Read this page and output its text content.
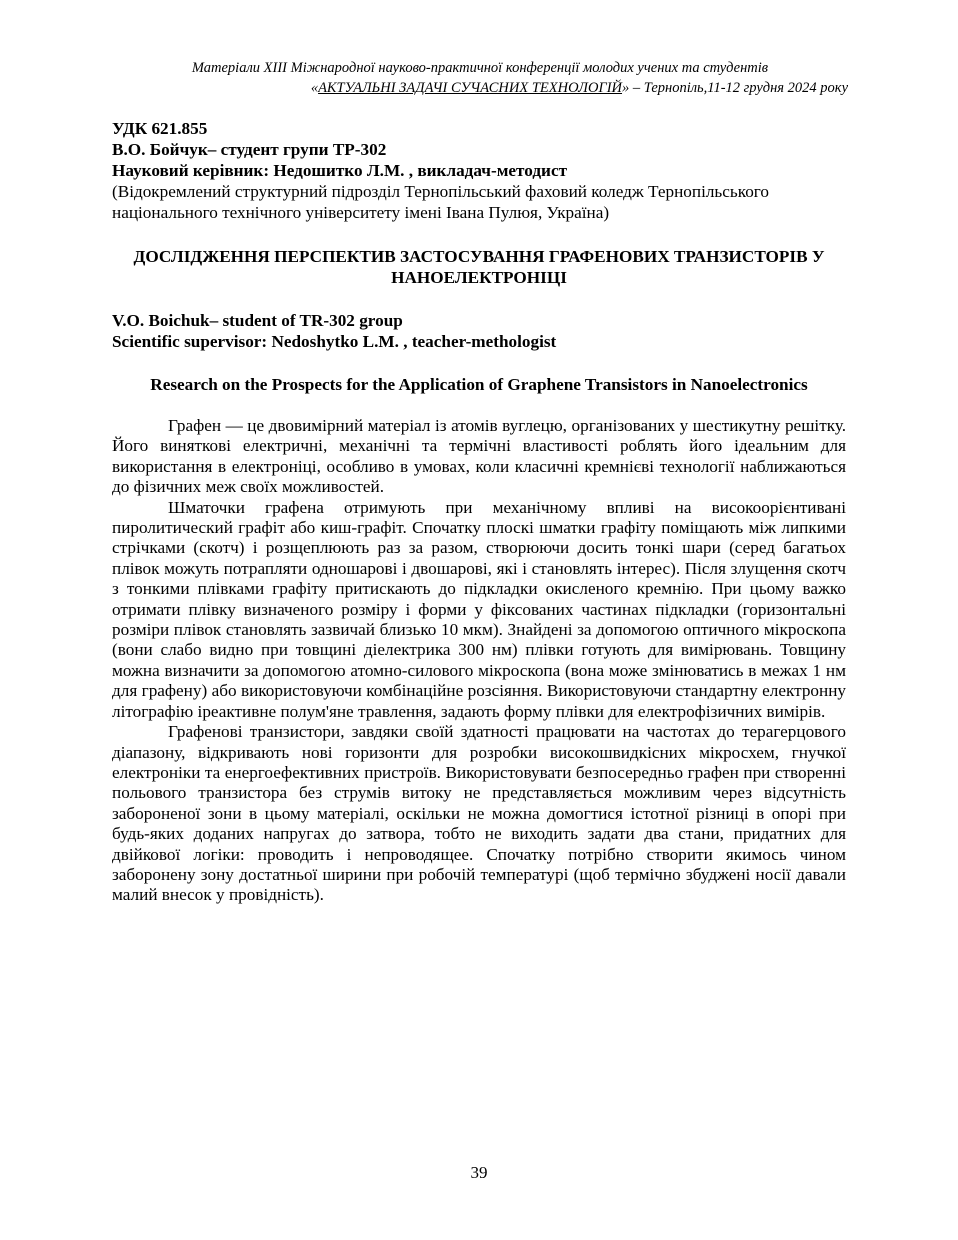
Матеріали XIII Міжнародної науково-практичної конференції молодих учених та студентів
«АКТУАЛЬНІ ЗАДАЧІ СУЧАСНИХ ТЕХНОЛОГІЙ» – Тернопіль,11-12 грудня 2024 року
УДК 621.855
В.О. Бойчук– студент групи ТР-302
Науковий керівник: Недошитко Л.М. , викладач-методист
(Відокремлений структурний підрозділ Тернопільський фаховий коледж Тернопільського національного технічного університету імені Івана Пулюя, Україна)
ДОСЛІДЖЕННЯ ПЕРСПЕКТИВ ЗАСТОСУВАННЯ ГРАФЕНОВИХ ТРАНЗИСТОРІВ У НАНОЕЛЕКТРОНІЦІ
V.O. Boichuk– student of TR-302 group
Scientific supervisor: Nedoshytko L.M. , teacher-methologist
Research on the Prospects for the Application of Graphene Transistors in Nanoelectronics

Графен — це двовимірний матеріал із атомів вуглецю, організованих у шестикутну решітку. Його виняткові електричні, механічні та термічні властивості роблять його ідеальним для використання в електроніці, особливо в умовах, коли класичні кремнієві технології наближаються до фізичних меж своїх можливостей.

Шматочки графена отримують при механічному впливі на високоорієнтивані пиролитический графіт або киш-графіт. Спочатку плоскі шматки графіту поміщають між липкими стрічками (скотч) і розщеплюють раз за разом, створюючи досить тонкі шари (серед багатьох плівок можуть потрапляти одношарові і двошарові, які і становлять інтерес). Після злущення скотч з тонкими плівками графіту притискають до підкладки окисленого кремнію. При цьому важко отримати плівку визначеного розміру і форми у фіксованих частинах підкладки (горизонтальні розміри плівок становлять зазвичай близько 10 мкм). Знайдені за допомогою оптичного мікроскопа (вони слабо видно при товщині діелектрика 300 нм) плівки готують для вимірювань. Товщину можна визначити за допомогою атомно-силового мікроскопа (вона може змінюватись в межах 1 нм для графену) або використовуючи комбінаційне розсіяння. Використовуючи стандартну електронну літографію іреактивне полум'яне травлення, задають форму плівки для електрофізичних вимірів.

Графенові транзистори, завдяки своїй здатності працювати на частотах до терагерцового діапазону, відкривають нові горизонти для розробки високошвидкісних мікросхем, гнучкої електроніки та енергоефективних пристроїв. Використовувати безпосередньо графен при створенні польового транзистора без струмів витоку не представляється можливим через відсутність забороненої зони в цьому матеріалі, оскільки не можна домогтися істотної різниці в опорі при будь-яких доданих напругах до затвора, тобто не виходить задати два стани, придатних для двійкової логіки: проводить і непроводящее. Спочатку потрібно створити якимось чином заборонену зону достатньої ширини при робочій температурі (щоб термічно збуджені носії давали малий внесок у провідність).

39
